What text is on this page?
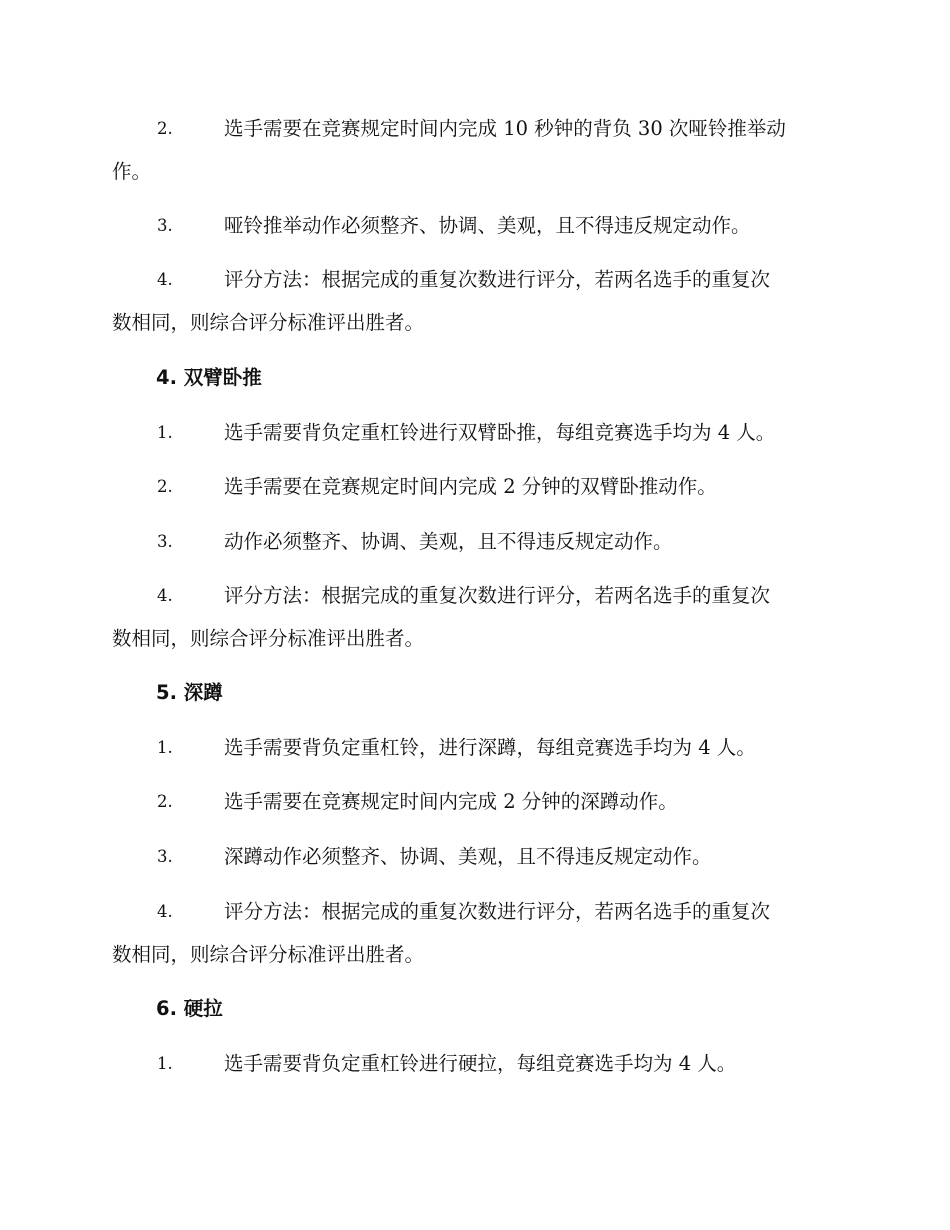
2.	选手需要在竞赛规定时间内完成 10 秒钟的背负 30 次哑铃推举动
作。
3.	哑铃推举动作必须整齐、协调、美观，且不得违反规定动作。
4.	评分方法：根据完成的重复次数进行评分，若两名选手的重复次
数相同，则综合评分标准评出胜者。
4. 双臂卧推
1.	选手需要背负定重杠铃进行双臂卧推，每组竞赛选手均为 4 人。
2.	选手需要在竞赛规定时间内完成 2 分钟的双臂卧推动作。
3.	动作必须整齐、协调、美观，且不得违反规定动作。
4.	评分方法：根据完成的重复次数进行评分，若两名选手的重复次
数相同，则综合评分标准评出胜者。
5. 深蹲
1.	选手需要背负定重杠铃，进行深蹲，每组竞赛选手均为 4 人。
2.	选手需要在竞赛规定时间内完成 2 分钟的深蹲动作。
3.	深蹲动作必须整齐、协调、美观，且不得违反规定动作。
4.	评分方法：根据完成的重复次数进行评分，若两名选手的重复次
数相同，则综合评分标准评出胜者。
6. 硬拉
1.	选手需要背负定重杠铃进行硬拉，每组竞赛选手均为 4 人。
